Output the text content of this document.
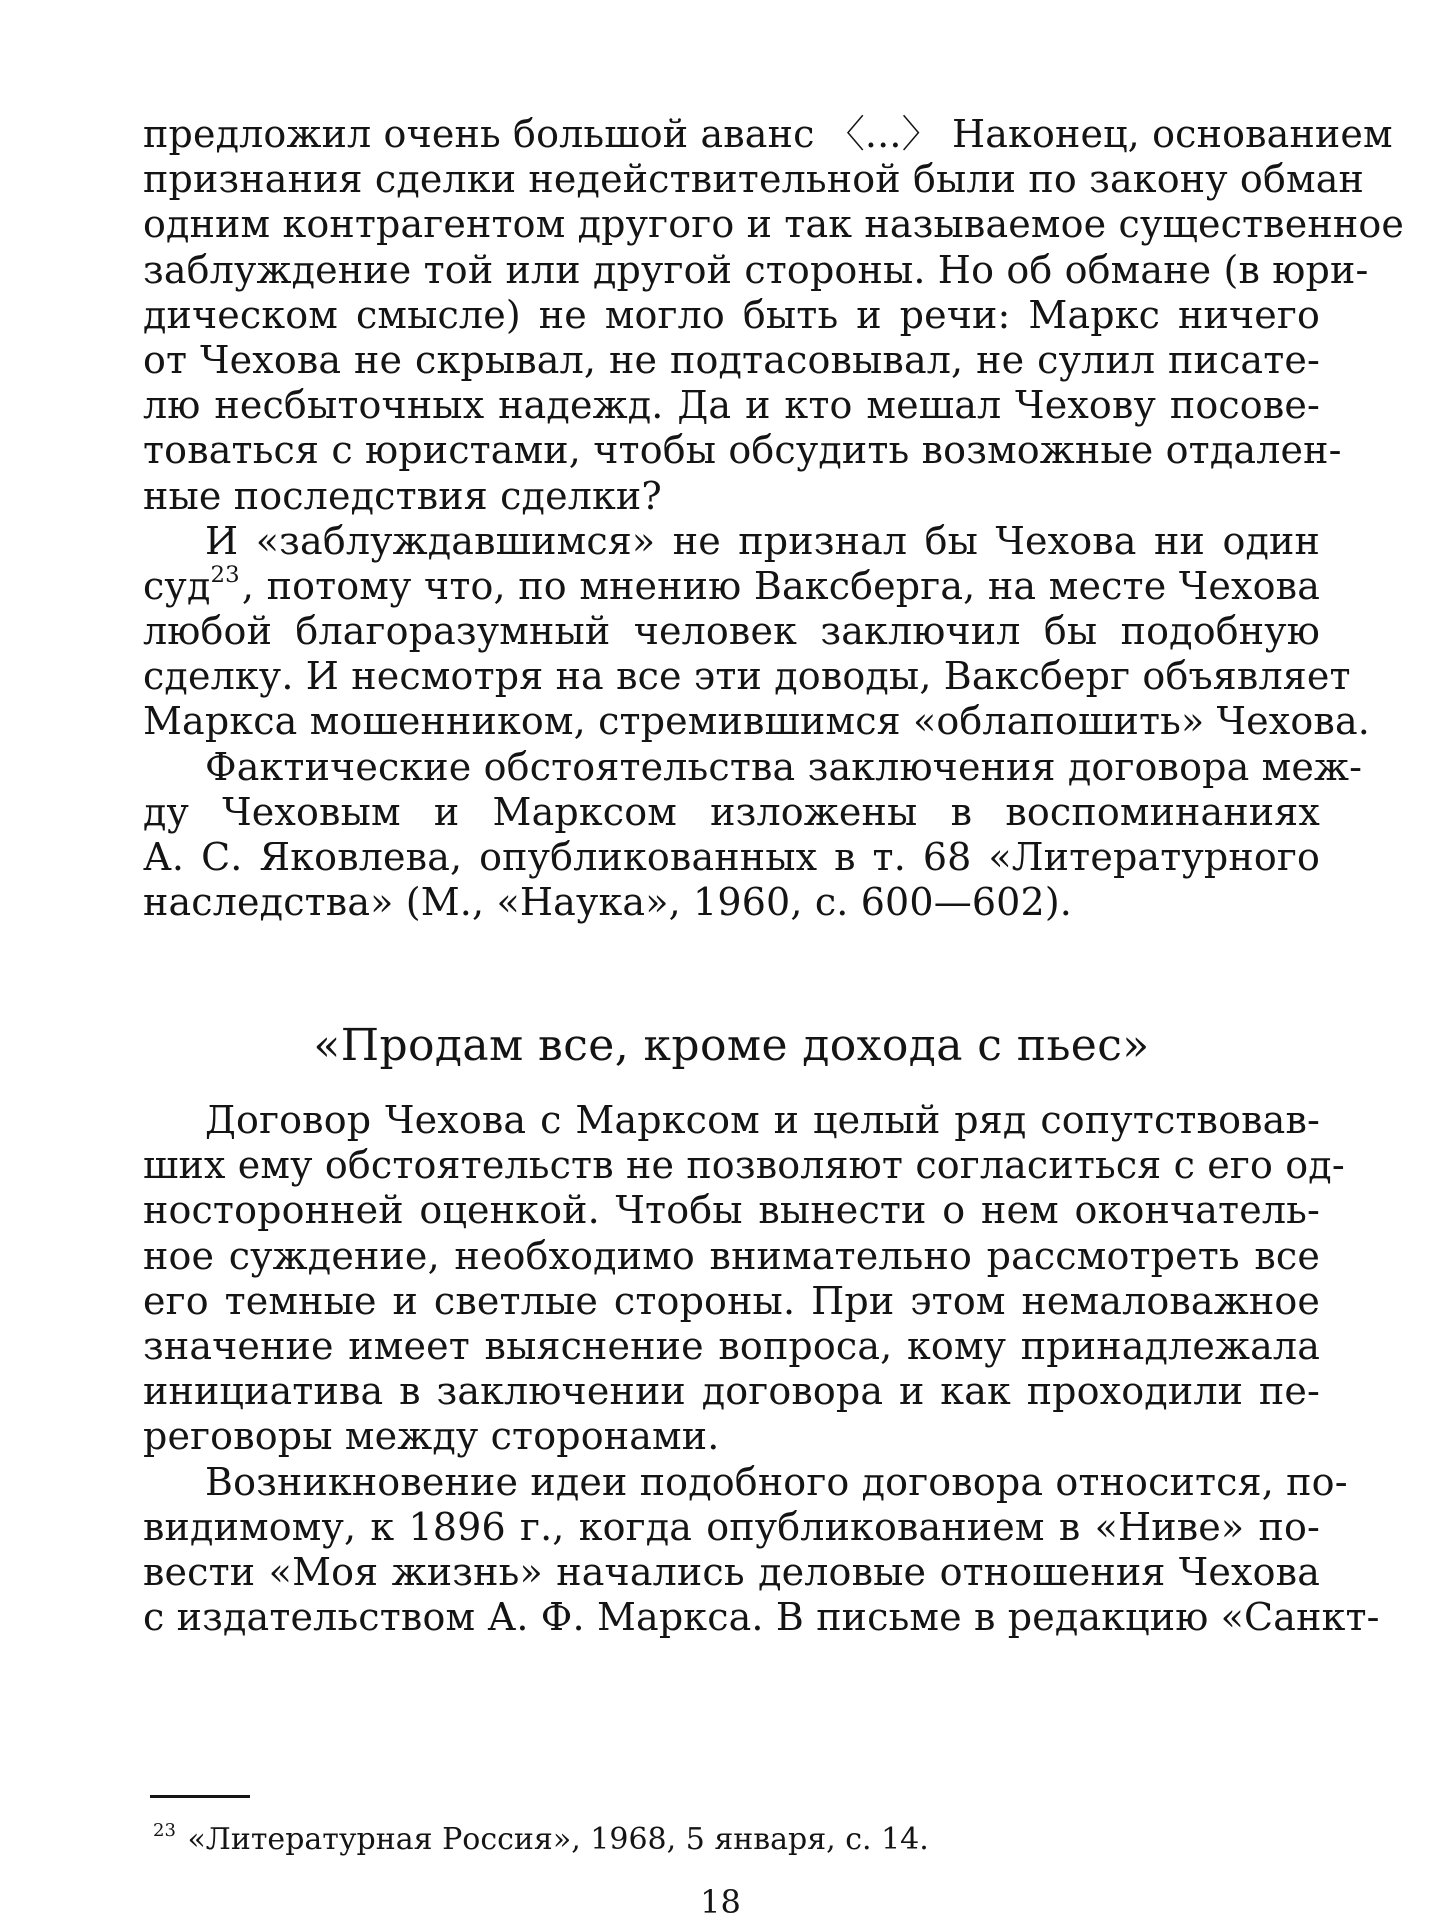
предложил очень большой аванс 〈...〉 Наконец, основанием
признания сделки недействительной были по закону обман
одним контрагентом другого и так называемое существенное
заблуждение той или другой стороны. Но об обмане (в юри-
дическом смысле) не могло быть и речи: Маркс ничего
от Чехова не скрывал, не подтасовывал, не сулил писате-
лю несбыточных надежд. Да и кто мешал Чехову посове-
товаться с юристами, чтобы обсудить возможные отдален-
ные последствия сделки?
И «заблуждавшимся» не признал бы Чехова ни один
суд$^{23}$, потому что, по мнению Ваксберга, на месте Чехова
любой благоразумный человек заключил бы подобную
сделку. И несмотря на все эти доводы, Ваксберг объявляет
Маркса мошенником, стремившимся «облапошить» Чехова.
Фактические обстоятельства заключения договора меж-
ду Чеховым и Марксом изложены в воспоминаниях
А. С. Яковлева, опубликованных в т. 68 «Литературного
наследства» (М., «Наука», 1960, с. 600—602).
«Продам все, кроме дохода с пьес»
Договор Чехова с Марксом и целый ряд сопутствовав-
ших ему обстоятельств не позволяют согласиться с его од-
носторонней оценкой. Чтобы вынести о нем окончатель-
ное суждение, необходимо внимательно рассмотреть все
его темные и светлые стороны. При этом немаловажное
значение имеет выяснение вопроса, кому принадлежала
инициатива в заключении договора и как проходили пе-
реговоры между сторонами.
Возникновение идеи подобного договора относится, по-
видимому, к 1896 г., когда опубликованием в «Ниве» по-
вести «Моя жизнь» начались деловые отношения Чехова
с издательством А. Ф. Маркса. В письме в редакцию «Санкт-
$^{23}$ «Литературная Россия», 1968, 5 января, с. 14.
18
